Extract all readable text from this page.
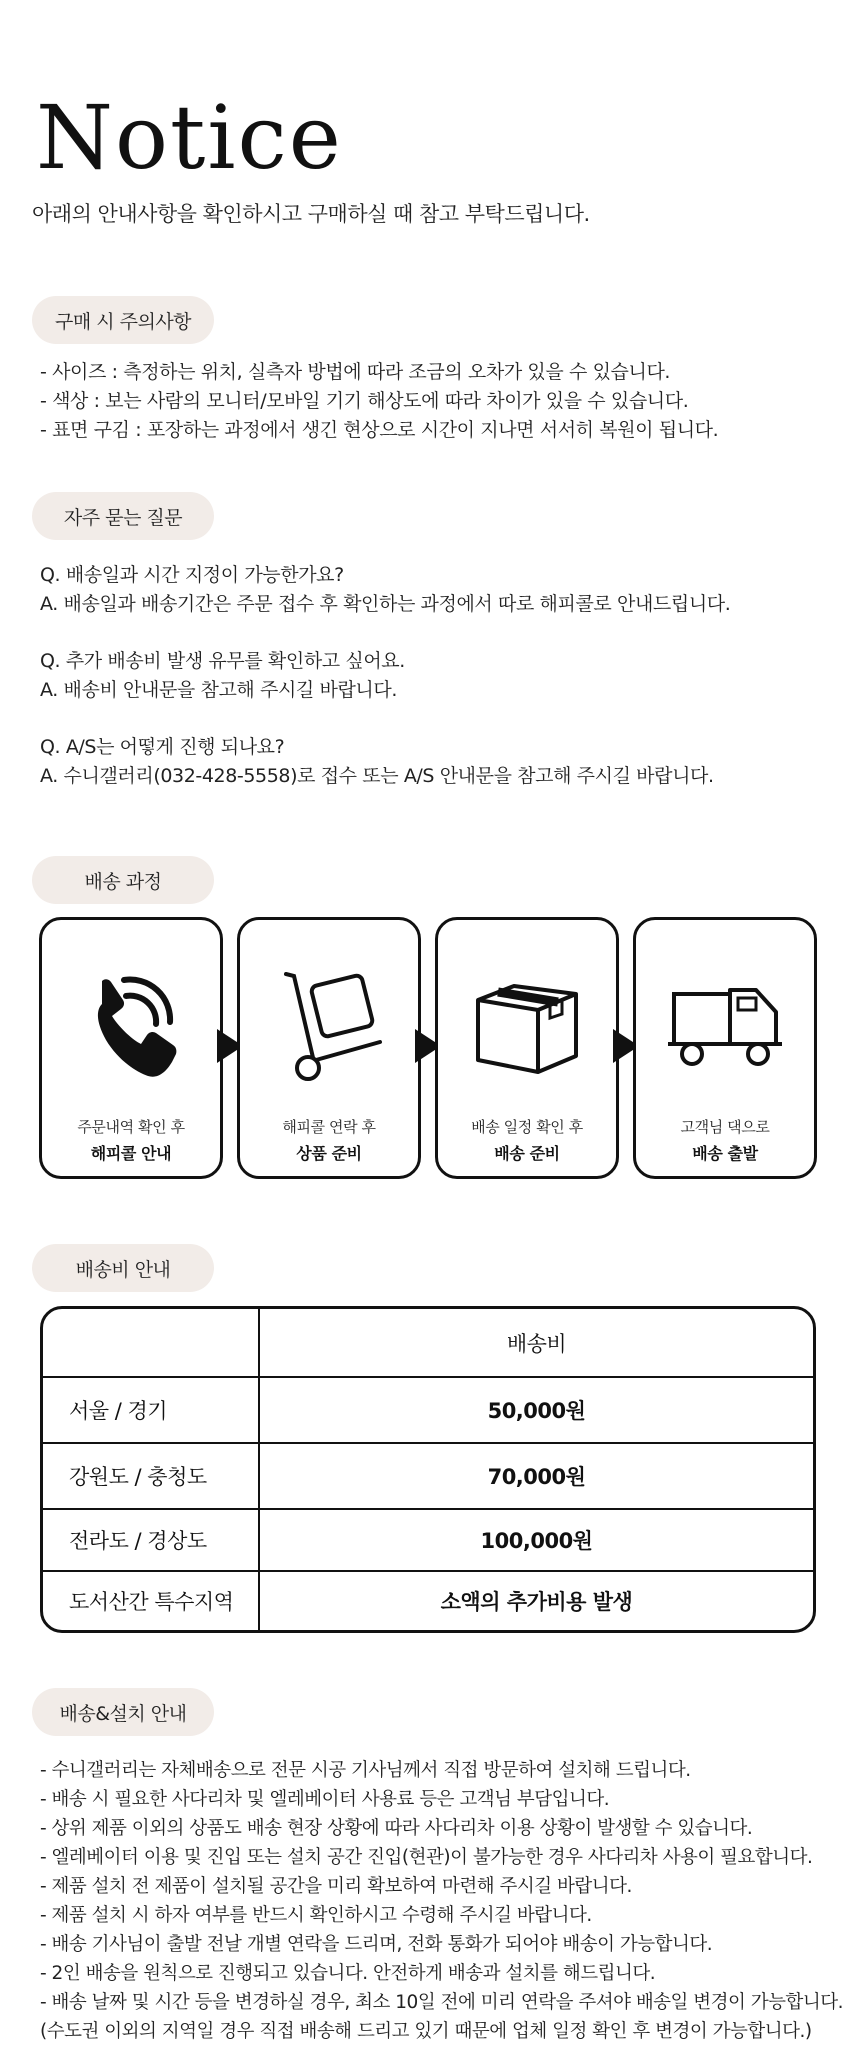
Notice

아래의 안내사항을 확인하시고 구매하실 때 참고 부탁드립니다.

구매 시 주의사항
- 사이즈 : 측정하는 위치, 실측자 방법에 따라 조금의 오차가 있을 수 있습니다.
- 색상 : 보는 사람의 모니터/모바일 기기 해상도에 따라 차이가 있을 수 있습니다.
- 표면 구김 : 포장하는 과정에서 생긴 현상으로 시간이 지나면 서서히 복원이 됩니다.
자주 묻는 질문
Q. 배송일과 시간 지정이 가능한가요?
A. 배송일과 배송기간은 주문 접수 후 확인하는 과정에서 따로 해피콜로 안내드립니다.
Q. 추가 배송비 발생 유무를 확인하고 싶어요.
A. 배송비 안내문을 참고해 주시길 바랍니다.
Q. A/S는 어떻게 진행 되나요?
A. 수니갤러리(032-428-5558)로 접수 또는 A/S 안내문을 참고해 주시길 바랍니다.
배송 과정
주문내역 확인 후
해피콜 안내
해피콜 연락 후
상품 준비
배송 일정 확인 후
배송 준비
고객님 댁으로
배송 출발
배송비 안내
	배송비
서울 / 경기	50,000원
강원도 / 충청도	70,000원
전라도 / 경상도	100,000원
도서산간 특수지역	소액의 추가비용 발생
배송&설치 안내
- 수니갤러리는 자체배송으로 전문 시공 기사님께서 직접 방문하여 설치해 드립니다.
- 배송 시 필요한 사다리차 및 엘레베이터 사용료 등은 고객님 부담입니다.
- 상위 제품 이외의 상품도 배송 현장 상황에 따라 사다리차 이용 상황이 발생할 수 있습니다.
- 엘레베이터 이용 및 진입 또는 설치 공간 진입(현관)이 불가능한 경우 사다리차 사용이 필요합니다.
- 제품 설치 전 제품이 설치될 공간을 미리 확보하여 마련해 주시길 바랍니다.
- 제품 설치 시 하자 여부를 반드시 확인하시고 수령해 주시길 바랍니다.
- 배송 기사님이 출발 전날 개별 연락을 드리며, 전화 통화가 되어야 배송이 가능합니다.
- 2인 배송을 원칙으로 진행되고 있습니다. 안전하게 배송과 설치를 해드립니다.
- 배송 날짜 및 시간 등을 변경하실 경우, 최소 10일 전에 미리 연락을 주셔야 배송일 변경이 가능합니다.
(수도권 이외의 지역일 경우 직접 배송해 드리고 있기 때문에 업체 일정 확인 후 변경이 가능합니다.)
